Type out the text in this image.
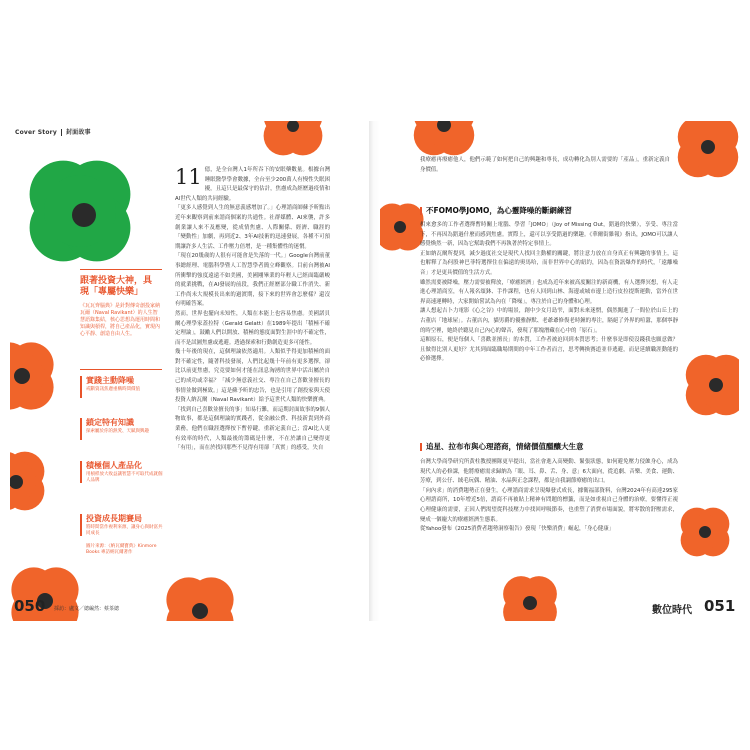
Cover Story 封面故事
跟著投資大神，具現「專屬快樂」
《瓦瓦齊腦典》是針對傳奇創投家納瓦爾（Naval Ravikant）的人生智慧語錄集結，核心思想為運用時間和知識與槓桿，將自己產品化，實現內心平靜、創造自由人生。
實踐主動降噪
戒斷資訊焦慮重構時間價值
鎖定特有知識
探索屬於你的熱愛、天賦與興趣
積極個人產品化
用槓桿放大收益讓智慧不可取代成就個人品牌
投資成長期賽局
將時間當作複利來源，讓身心與財富共同成長
圖片來源：《納瓦爾寶典》Kinmore Books 專訪納瓦爾著作

11 億，是全台灣人1年所吞下的安眠藥數量。根據台灣睡眠醫學學會數據，全台至少200萬人有慢性失眠困擾，且這只是最保守的估計，焦慮成為經歷過疫情和AI世代人類的共同經驗。

「更多人感覺到人生的無意義感增加了。」心理諮商師蘇予昕點出近年來觀察到前來諮商個案的共通性。社群媒體、AI來襲，許多創業讓人來不及應變，從成情焦慮、人際關係、經濟、職涯的「變動性」加劇，再到近2、3年AI技術的迅速發展，各種不可預期讓許多人生活、工作壓力倍增，是一種集體性的迷惘。

「現在20幾歲的人很有可能會是失落的一代。」Google台灣前董事總經理、電腦科學暨人工智慧學者簡立峰觀察。目前台灣被AI所衝擊的強度遠遠不如美國，美國剛畢業的年輕人已經面臨嚴峻的就業挑戰，在AI發展的前段，我們正經歷部分職工作消失、新工作尚未大規模長出來的過渡期，接下來的世界會怎麼樣？還沒有明確答案。

然而，世界也擺向未知性，人類在本能上也容易焦慮。美國諾貝爾心理學家蓋拉特（Gerald Gelatt）在1989年提出「積極不確定理論」，鼓勵人們以開放、積極的態度面對生涯中的不確定性，而不是試圖焦慮或逃避。透過探索和行動創造更多可能性。

幾十年後的現在，這個理論依然適用。人類似乎得更加積極的面對不確定性，隨著科技發展，人們比起幾十年前有更多選擇，卻比以前更焦慮，究竟要如何才能在訊息洶湧的世界中活出屬於自己的成功或幸福？「減少無意義社交、專注在自己喜歡並擅長的事情並做到極致。」這是蘇予昕的忠告，也是引用了創投家與天使投資人納瓦爾（Naval Ravikant）給予這世代人類的快樂寶典。

「找到自己喜歡並擅長的事」知易行難，而這期封面故事的9個人物故事，都是這個理論的實踐者，從金融公費、科技新貴到外商業務，他們在職涯選擇按下暫停鍵，重新定義自己；當AI比人更有效率的時代，人類最後的籌碼是什麼，不在於讓自己變得更「有用」，而在於找回那些不見得有用卻「真實」的感受，失自

050 採訪：盧文／總編然：蔡茶總

我療癒再療癒他人，他們示範了如何把自己的興趣和專長，成功轉化為別人需要的「產品」，重新定義自身價值。

不FOMO學JOMO，為心靈降噪的斷網練習

相來愈多的工作者選擇暫時關上電腦、學習「JOMO」（Joy of Missing Out，錯過的快樂），享受、專注當下，不再因為錯過什麼而感到焦慮。實際上，還可以享受錯過的樂趣。《華爾街雜報》指出，JOMO可以讓人感覺煥然一新，因為它幫助我們不再執著於特定事情上。

正如納瓦爾所提到，減少過度社交是現代人找回主動權的關鍵，將注意力放在自身真正有興趣的事情上，這也解釋了為何股神巴菲特選擇住在偏遠的奧馬哈，而非世界中心的紐約，因為在資訊爆炸的時代，「遠離噪音」才是更具價值的生活方式。

雖然需要被降噪，壓力需要被釋放，「療癒經濟」也成為近年來被高度關注的新商機，有人選擇冥想，有人走進心理諮商室，有人報名頌鉢、手作課程，也有人回到山林、海邊或城市邊上造行皮拉提斯運動，當外在世界高速運轉時，大家開始嘗試為內在「降噪」，專注於自己的身體和心理。

讓人想起吉卜力電影《心之谷》中的場景，創中少女月島雫，面對未來迷惘，偶然闖進了一間位於山丘上的古董店「地球屋」。古董店內，貓男爵的優雅靜默、老爺爺修復老時鐘的專注，隔絕了外界的喧囂，那個寧靜的時空裡，她終於聽見自己內心的聲音，發現了那塊潛藏在心中的「原石」。

這顆原石，便是每個人「喜歡並擅長」的本質，工作者被迫回到本質思考；什麼事是即使沒錢我也願意做？且做得比別人更好？尤其到面臨職場期間的中年工作者而言，思考轉換賽道並非逃避，而是延續職涯動能的必修選擇。

追星、拉布布與心理諮商，情緒價值醞釀大生意

台灣大學商學研究所黃柱教授團隊更早提出，當社會進入高變動、緊張狀態，如何避免壓力侵蝕身心，成為現代人的必修課，他將療癒需求歸納為「眼、耳、鼻、舌、身、意」6大面向，從追劇、音樂、美食、運動、芳療，到公仔、絨毛玩偶、精油、水晶與正念課程，都是自我調節療癒的出口。

「向內求」的消費趨勢正在發生，心理諮商需求呈現爆發式成長，據衛福部資料，台灣2024年有高達295家心理諮商所，10年增近5倍，諮商不再被貼上精神有問題的標籤，而是如重視自己身體的治療，要懂得正視心理健康的需要，正因人們渴望從科技壓力中找回呼吸節奏，也重塑了消費市場面貌，將零散的舒壓需求，變成一個龐大的療癒經濟生態系。

從Yahoo發布《2025消費者趨勢洞察報告》發現「快樂消費」崛起，「身心健康」

數位時代 051
